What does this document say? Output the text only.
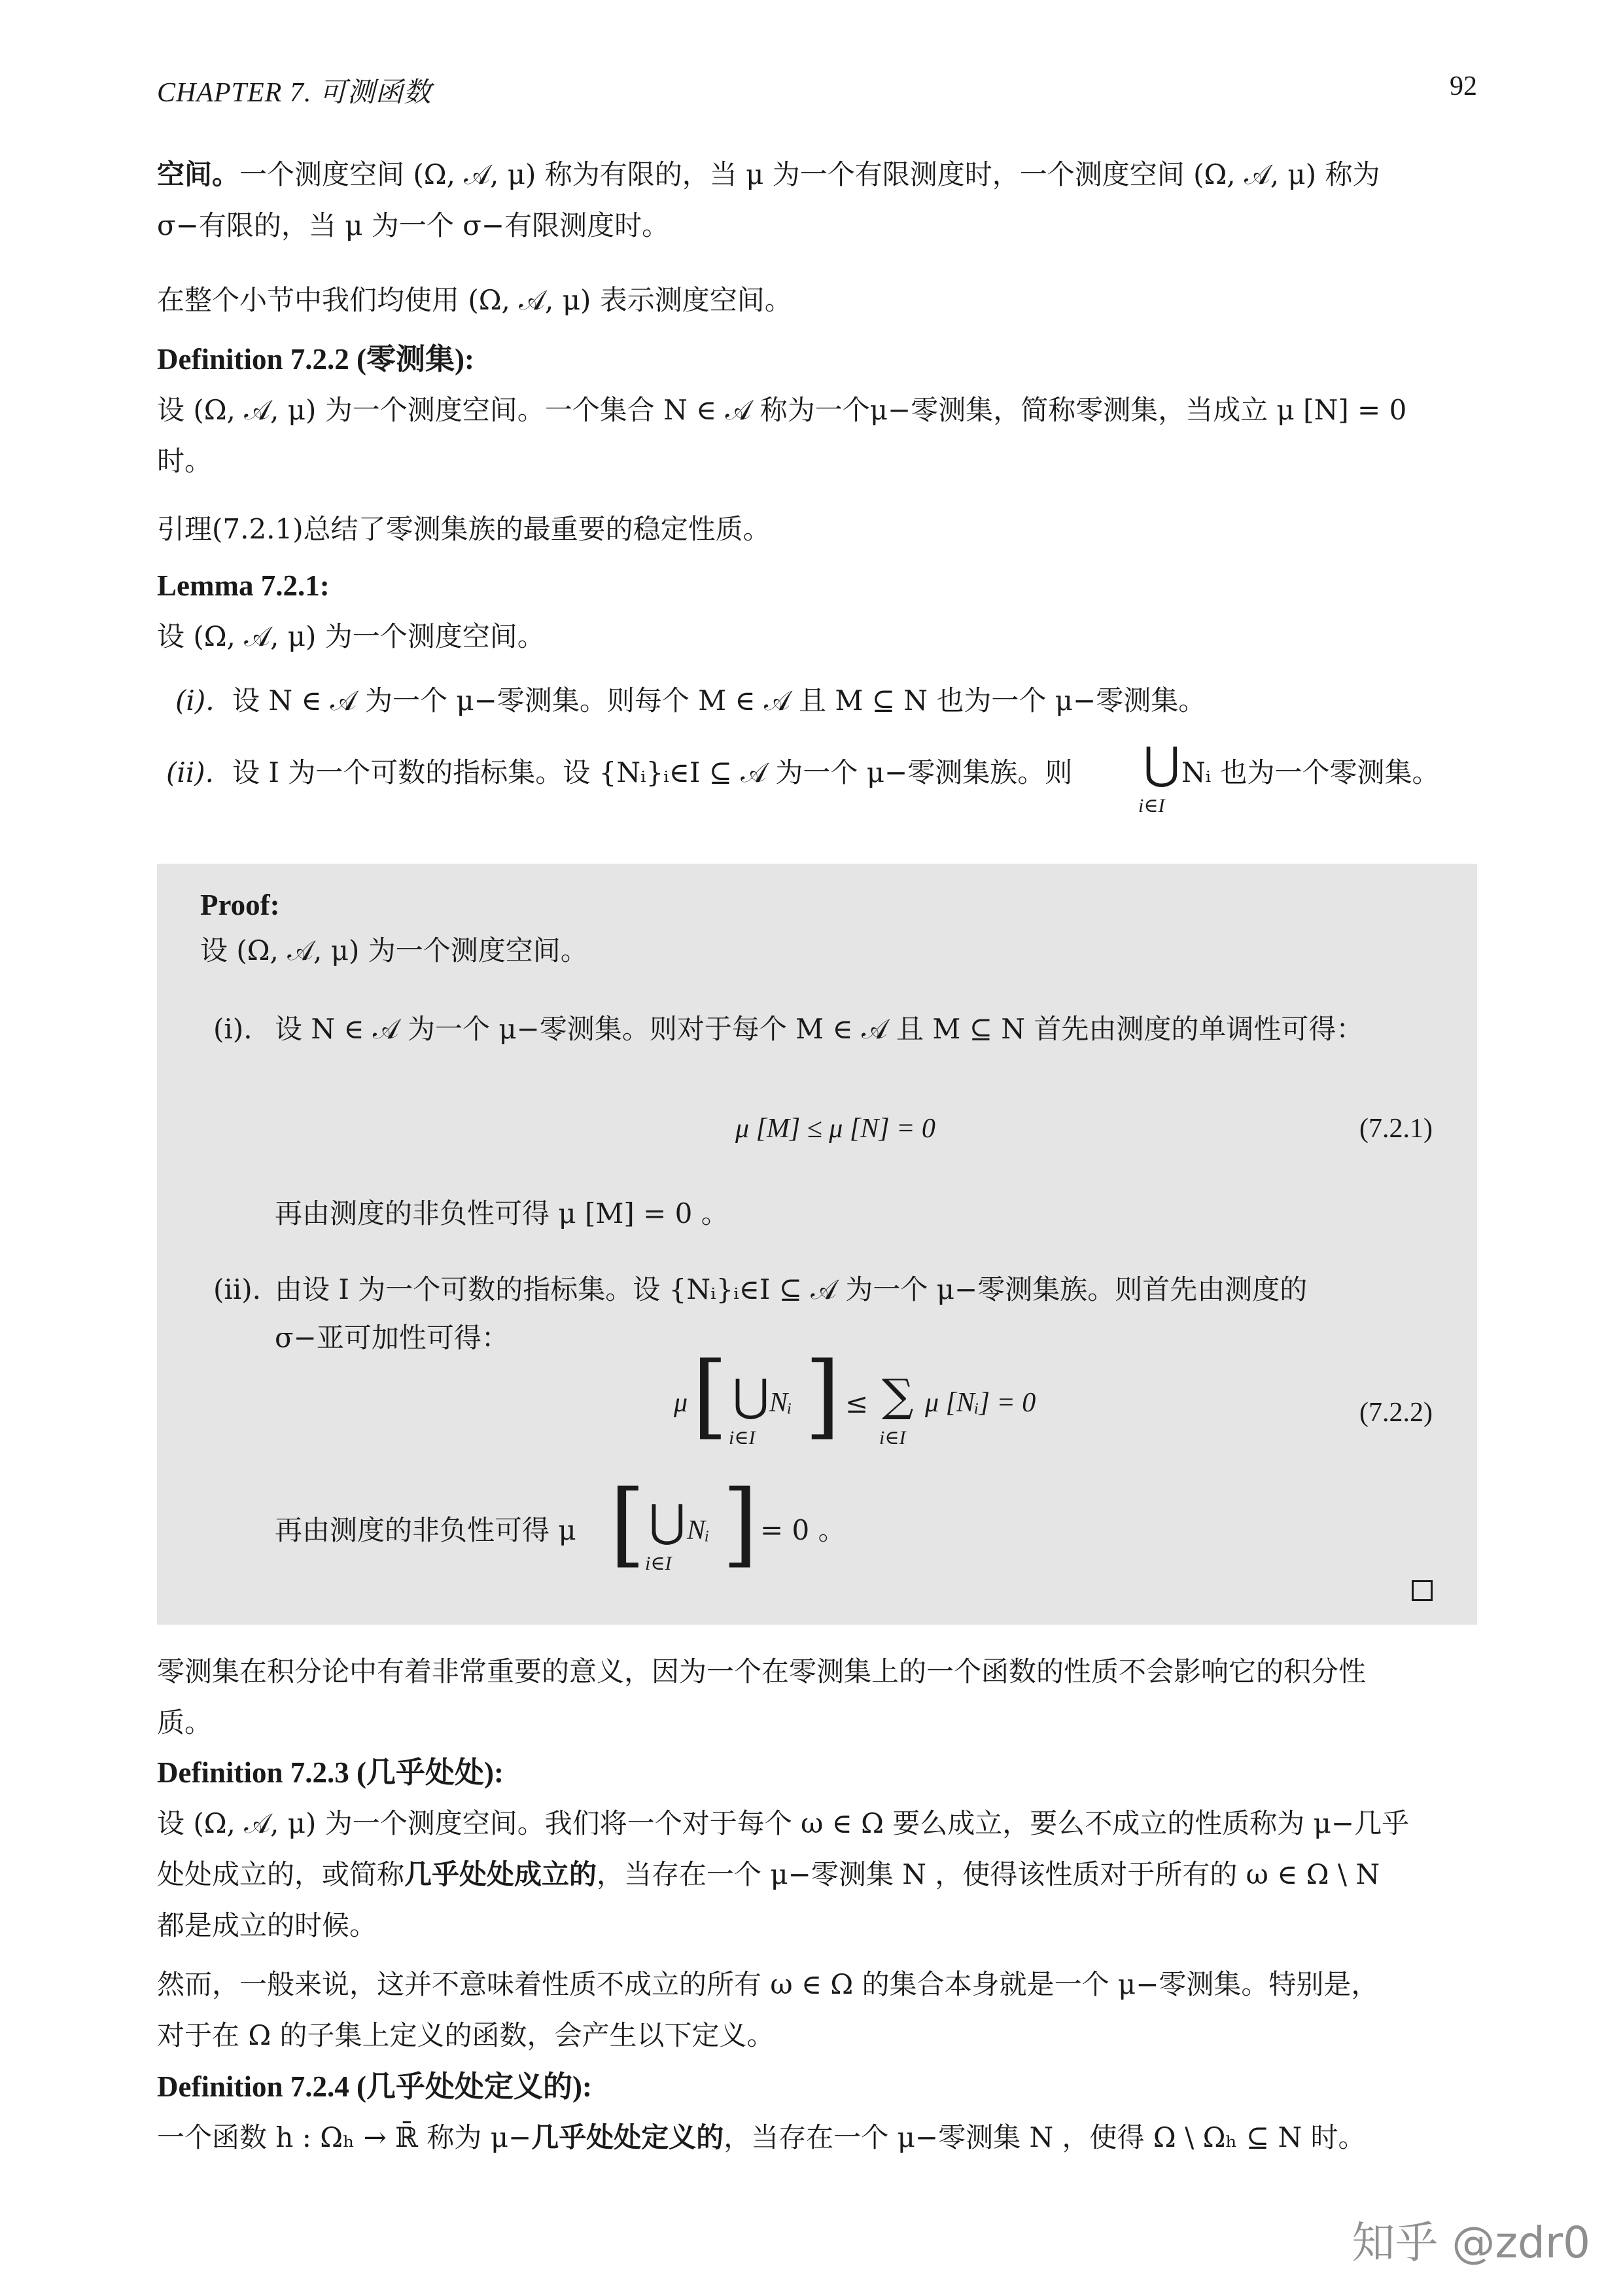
CHAPTER 7. 可测函数	92

空间。一个测度空间 (Ω, 𝒜, μ) 称为有限的，当 μ 为一个有限测度时，一个测度空间 (Ω, 𝒜, μ) 称为

σ−有限的，当 μ 为一个 σ−有限测度时。

在整个小节中我们均使用 (Ω, 𝒜, μ) 表示测度空间。

Definition 7.2.2 (零测集):

设 (Ω, 𝒜, μ) 为一个测度空间。一个集合 N ∈ 𝒜 称为一个μ−零测集，简称零测集，当成立 μ [N] = 0

时。

引理(7.2.1)总结了零测集族的最重要的稳定性质。

Lemma 7.2.1:

设 (Ω, 𝒜, μ) 为一个测度空间。

(i). 设 N ∈ 𝒜 为一个 μ−零测集。则每个 M ∈ 𝒜 且 M ⊆ N 也为一个 μ−零测集。

(ii). 设 I 为一个可数的指标集。设 {Nᵢ}ᵢ∈I ⊆ 𝒜 为一个 μ−零测集族。则 ⋃
i∈I
Nᵢ 也为一个零测集。

Proof:

设 (Ω, 𝒜, μ) 为一个测度空间。

(i). 设 N ∈ 𝒜 为一个 μ−零测集。则对于每个 M ∈ 𝒜 且 M ⊆ N 首先由测度的单调性可得：

μ [M] ≤ μ [N] = 0	(7.2.1)

再由测度的非负性可得 μ [M] = 0 。

(ii). 由设 I 为一个可数的指标集。设 {Nᵢ}ᵢ∈I ⊆ 𝒜 为一个 μ−零测集族。则首先由测度的

σ−亚可加性可得：

μ [ ⋃
i∈I
Nᵢ ] ≤ ∑
i∈I
μ [Nᵢ] = 0	(7.2.2)
再由测度的非负性可得 μ [ ⋃
i∈I
Nᵢ ] = 0 。

零测集在积分论中有着非常重要的意义，因为一个在零测集上的一个函数的性质不会影响它的积分性

质。

Definition 7.2.3 (几乎处处):

设 (Ω, 𝒜, μ) 为一个测度空间。我们将一个对于每个 ω ∈ Ω 要么成立，要么不成立的性质称为 μ−几乎

处处成立的，或简称几乎处处成立的，当存在一个 μ−零测集 N ，使得该性质对于所有的 ω ∈ Ω \ N

都是成立的时候。

然而，一般来说，这并不意味着性质不成立的所有 ω ∈ Ω 的集合本身就是一个 μ−零测集。特别是，

对于在 Ω 的子集上定义的函数，会产生以下定义。

Definition 7.2.4 (几乎处处定义的):

一个函数 h : Ωₕ → ℝ̄ 称为 μ−几乎处处定义的，当存在一个 μ−零测集 N ，使得 Ω \ Ωₕ ⊆ N 时。

知乎 @zdr0
